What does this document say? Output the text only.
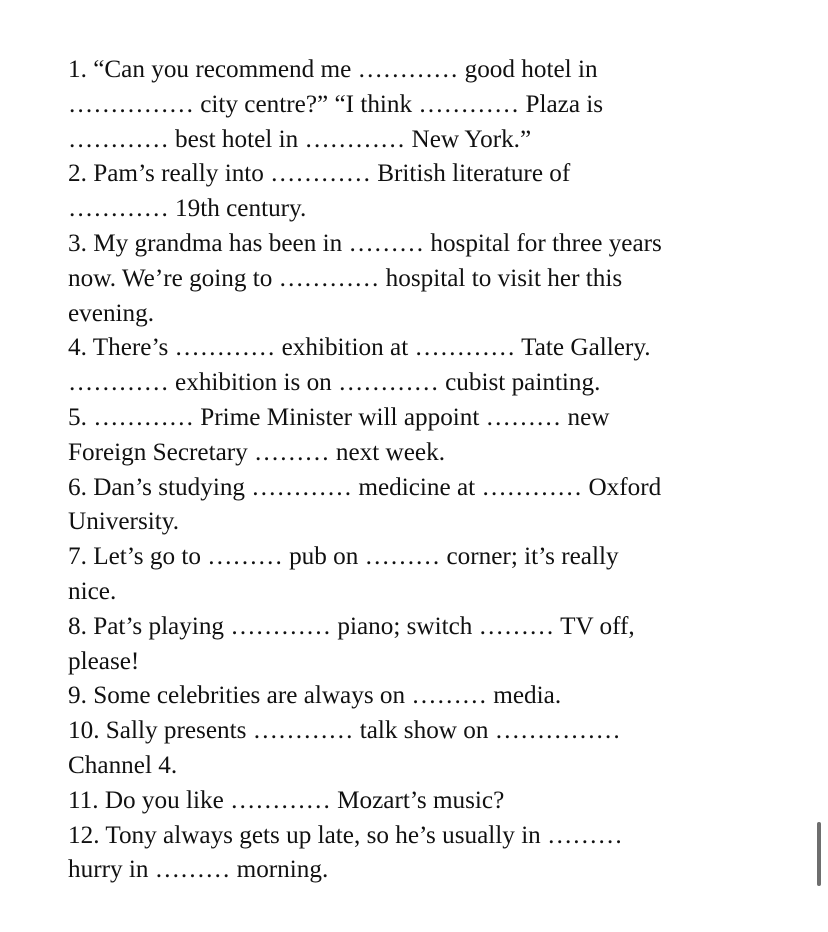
1. “Can you recommend me ………… good hotel in
…………… city centre?” “I think ………… Plaza is
………… best hotel in ………… New York.”
2. Pam’s really into ………… British literature of
………… 19th century.
3. My grandma has been in ……… hospital for three years
now. We’re going to ………… hospital to visit her this
evening.
4. There’s ………… exhibition at ………… Tate Gallery.
………… exhibition is on ………… cubist painting.
5. ………… Prime Minister will appoint ……… new
Foreign Secretary ……… next week.
6. Dan’s studying ………… medicine at ………… Oxford
University.
7. Let’s go to ……… pub on ……… corner; it’s really
nice.
8. Pat’s playing ………… piano; switch ……… TV off,
please!
9. Some celebrities are always on ……… media.
10. Sally presents ………… talk show on ……………
Channel 4.
11. Do you like ………… Mozart’s music?
12. Tony always gets up late, so he’s usually in ………
hurry in ……… morning.
